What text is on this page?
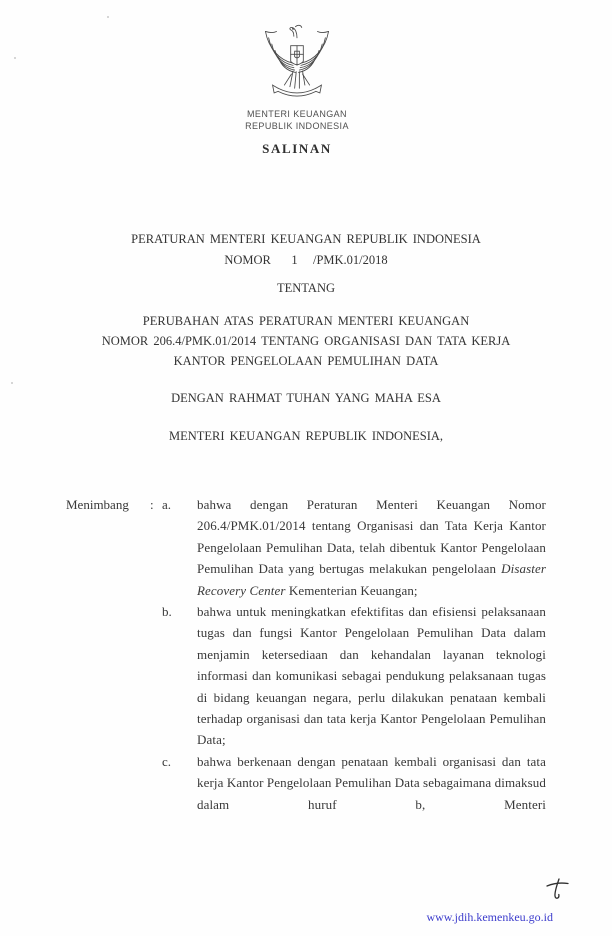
MENTERI KEUANGAN
REPUBLIK INDONESIA
SALINAN
PERATURAN MENTERI KEUANGAN REPUBLIK INDONESIA
NOMOR    1   /PMK.01/2018
TENTANG
PERUBAHAN ATAS PERATURAN MENTERI KEUANGAN
NOMOR 206.4/PMK.01/2014 TENTANG ORGANISASI DAN TATA KERJA
KANTOR PENGELOLAAN PEMULIHAN DATA
DENGAN RAHMAT TUHAN YANG MAHA ESA
MENTERI KEUANGAN REPUBLIK INDONESIA,
Menimbang	: a.	bahwa dengan Peraturan Menteri Keuangan Nomor 206.4/PMK.01/2014 tentang Organisasi dan Tata Kerja Kantor Pengelolaan Pemulihan Data, telah dibentuk Kantor Pengelolaan Pemulihan Data yang bertugas melakukan pengelolaan Disaster Recovery Center Kementerian Keuangan;
b.	bahwa untuk meningkatkan efektifitas dan efisiensi pelaksanaan tugas dan fungsi Kantor Pengelolaan Pemulihan Data dalam menjamin ketersediaan dan kehandalan layanan teknologi informasi dan komunikasi sebagai pendukung pelaksanaan tugas di bidang keuangan negara, perlu dilakukan penataan kembali terhadap organisasi dan tata kerja Kantor Pengelolaan Pemulihan Data;
c.	bahwa berkenaan dengan penataan kembali organisasi dan tata kerja Kantor Pengelolaan Pemulihan Data sebagaimana dimaksud dalam huruf b, Menteri
www.jdih.kemenkeu.go.id
